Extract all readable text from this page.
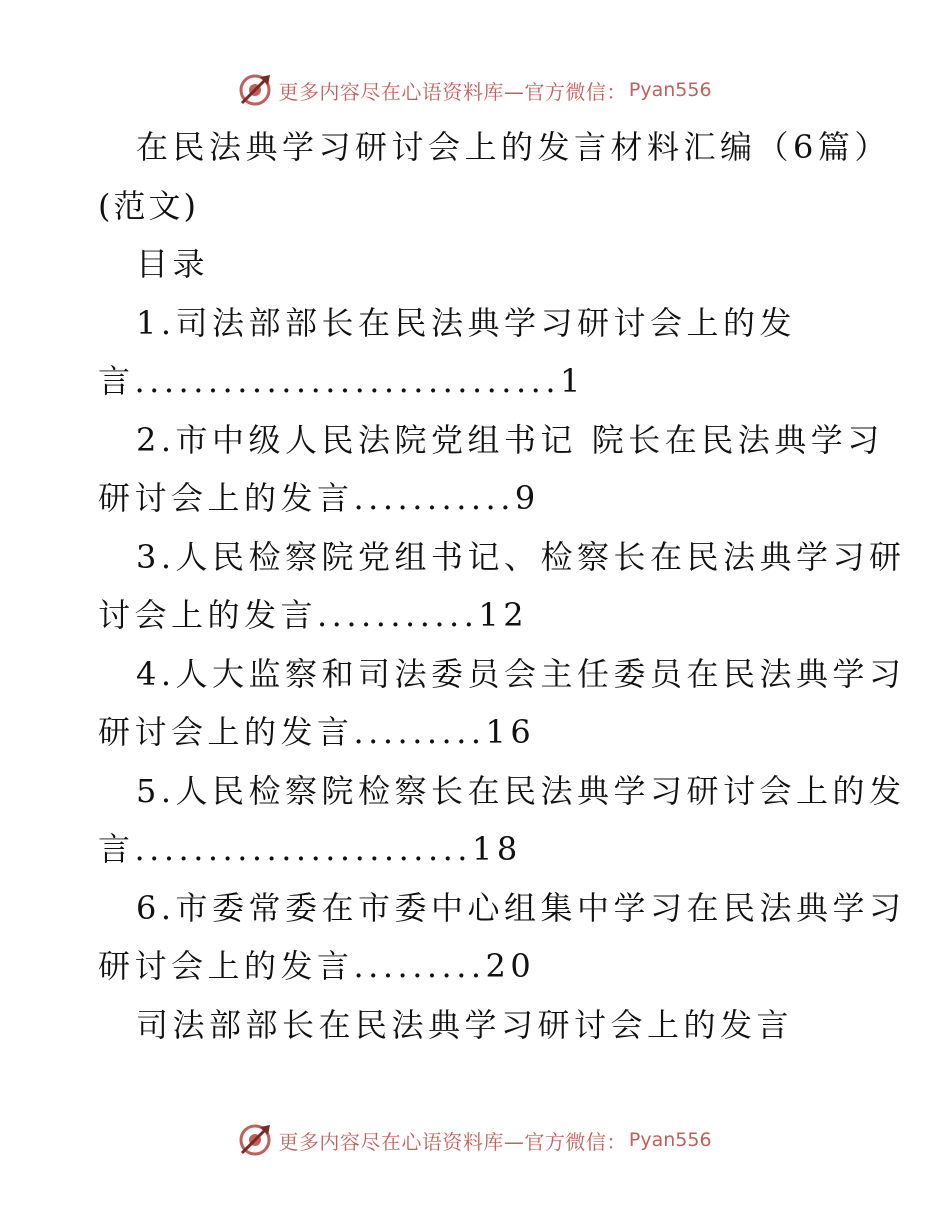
更多内容尽在心语资料库—官方微信： Pyan556
在民法典学习研讨会上的发言材料汇编（6篇）
(范文)
目录
1.司法部部长在民法典学习研讨会上的发
言.............................1
2.市中级人民法院党组书记 院长在民法典学习
研讨会上的发言...........9
3.人民检察院党组书记、检察长在民法典学习研
讨会上的发言...........12
4.人大监察和司法委员会主任委员在民法典学习
研讨会上的发言.........16
5.人民检察院检察长在民法典学习研讨会上的发
言.......................18
6.市委常委在市委中心组集中学习在民法典学习
研讨会上的发言.........20
司法部部长在民法典学习研讨会上的发言
更多内容尽在心语资料库—官方微信： Pyan556
